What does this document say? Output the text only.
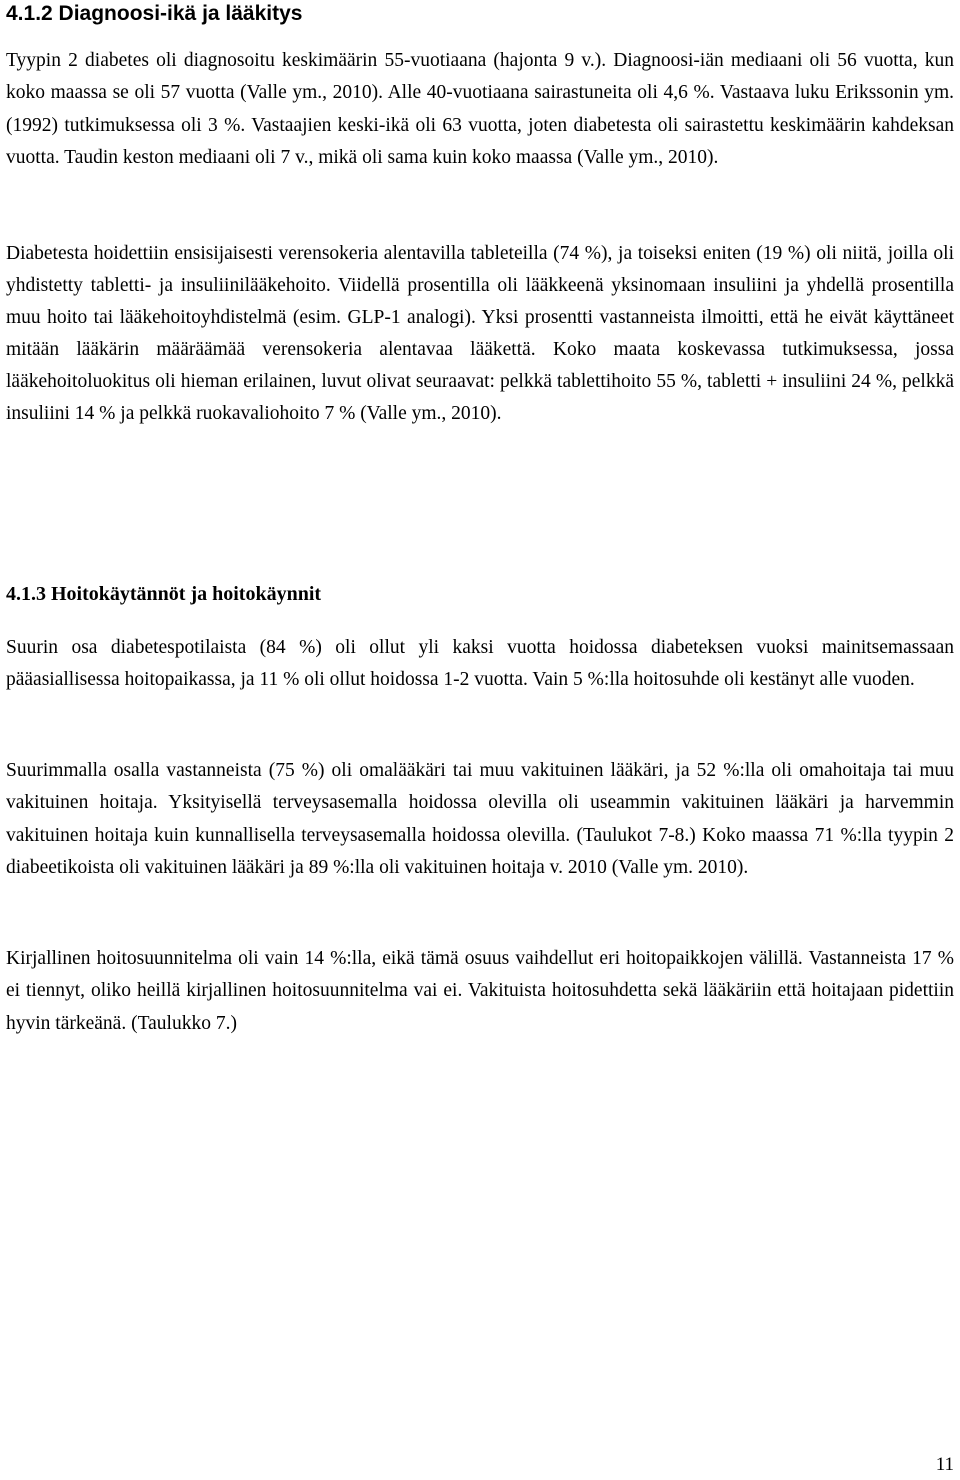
4.1.2 Diagnoosi-ikä ja lääkitys

Tyypin 2 diabetes oli diagnosoitu keskimäärin 55-vuotiaana (hajonta 9 v.). Diagnoosi-iän mediaani oli 56 vuotta, kun koko maassa se oli 57 vuotta (Valle ym., 2010). Alle 40-vuotiaana sairastuneita oli 4,6 %. Vastaava luku Erikssonin ym. (1992) tutkimuksessa oli 3 %. Vastaajien keski-ikä oli 63 vuotta, joten diabetesta oli sairastettu keskimäärin kahdeksan vuotta. Taudin keston mediaani oli 7 v., mikä oli sama kuin koko maassa (Valle ym., 2010).

Diabetesta hoidettiin ensisijaisesti verensokeria alentavilla tableteilla (74 %), ja toiseksi eniten (19 %) oli niitä, joilla oli yhdistetty tabletti- ja insuliinilääkehoito. Viidellä prosentilla oli lääkkeenä yksinomaan insuliini ja yhdellä prosentilla muu hoito tai lääkehoitoyhdistelmä (esim. GLP-1 analogi). Yksi prosentti vastanneista ilmoitti, että he eivät käyttäneet mitään lääkärin määräämää verensokeria alentavaa lääkettä. Koko maata koskevassa tutkimuksessa, jossa lääkehoitoluokitus oli hieman erilainen, luvut olivat seuraavat: pelkkä tablettihoito 55 %, tabletti + insuliini 24 %, pelkkä insuliini 14 % ja pelkkä ruokavaliohoito 7 % (Valle ym., 2010).

4.1.3 Hoitokäytännöt ja hoitokäynnit

Suurin osa diabetespotilaista (84 %) oli ollut yli kaksi vuotta hoidossa diabeteksen vuoksi mainitsemassaan pääasiallisessa hoitopaikassa, ja 11 % oli ollut hoidossa 1-2 vuotta. Vain 5 %:lla hoitosuhde oli kestänyt alle vuoden.

Suurimmalla osalla vastanneista (75 %) oli omalääkäri tai muu vakituinen lääkäri, ja 52 %:lla oli omahoitaja tai muu vakituinen hoitaja. Yksityisellä terveysasemalla hoidossa olevilla oli useammin vakituinen lääkäri ja harvemmin vakituinen hoitaja kuin kunnallisella terveysasemalla hoidossa olevilla. (Taulukot 7-8.) Koko maassa 71 %:lla tyypin 2 diabeetikoista oli vakituinen lääkäri ja 89 %:lla oli vakituinen hoitaja v. 2010 (Valle ym. 2010).

Kirjallinen hoitosuunnitelma oli vain 14 %:lla, eikä tämä osuus vaihdellut eri hoitopaikkojen välillä. Vastanneista 17 % ei tiennyt, oliko heillä kirjallinen hoitosuunnitelma vai ei. Vakituista hoitosuhdetta sekä lääkäriin että hoitajaan pidettiin hyvin tärkeänä. (Taulukko 7.)

11
